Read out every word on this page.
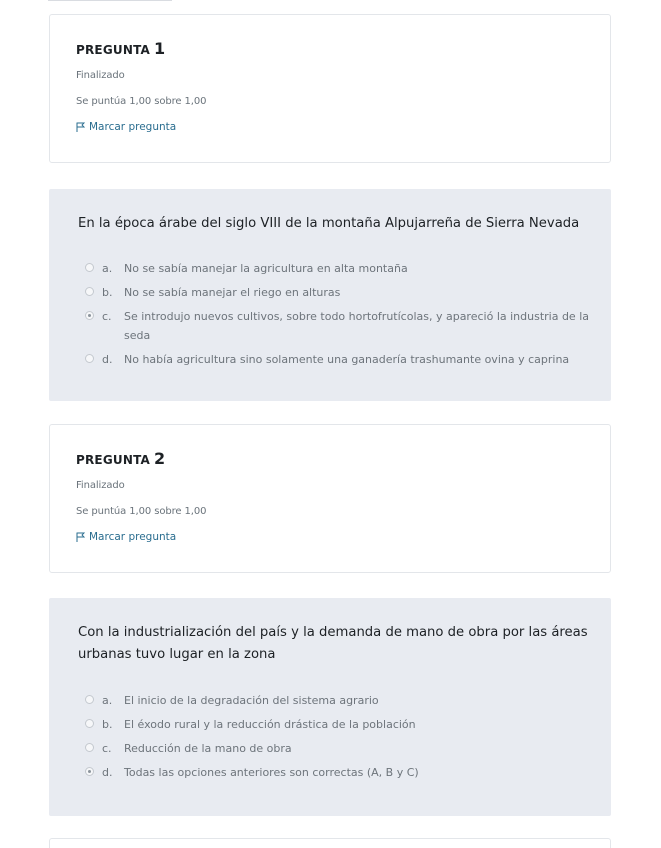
PREGUNTA 1
Finalizado
Se puntúa 1,00 sobre 1,00
Marcar pregunta
En la época árabe del siglo VIII de la montaña Alpujarreña de Sierra Nevada
a. No se sabía manejar la agricultura en alta montaña
b. No se sabía manejar el riego en alturas
c. Se introdujo nuevos cultivos, sobre todo hortofrutícolas, y apareció la industria de la seda
d. No había agricultura sino solamente una ganadería trashumante ovina y caprina
PREGUNTA 2
Finalizado
Se puntúa 1,00 sobre 1,00
Marcar pregunta
Con la industrialización del país y la demanda de mano de obra por las áreas urbanas tuvo lugar en la zona
a. El inicio de la degradación del sistema agrario
b. El éxodo rural y la reducción drástica de la población
c. Reducción de la mano de obra
d. Todas las opciones anteriores son correctas (A, B y C)
